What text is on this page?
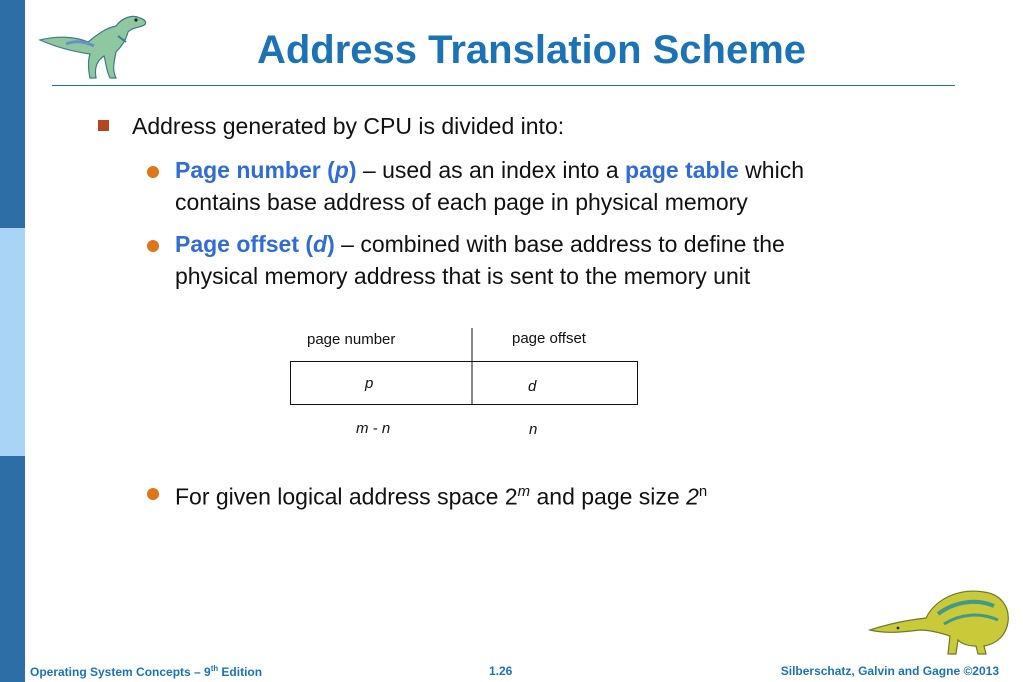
Address Translation Scheme
Address generated by CPU is divided into:
Page number (p) – used as an index into a page table which
contains base address of each page in physical memory
Page offset (d) – combined with base address to define the
physical memory address that is sent to the memory unit
page number	page offset
p	d
m - n	n
For given logical address space 2$^m$ and page size 2$^n$
Operating System Concepts – 9th Edition	1.26	Silberschatz, Galvin and Gagne ©2013
